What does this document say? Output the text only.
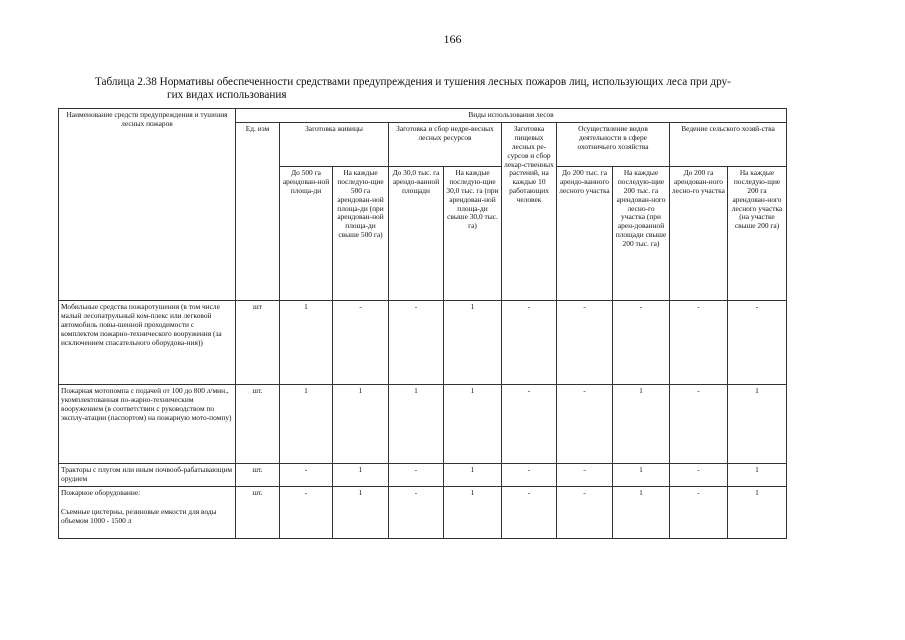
166
Таблица 2.38 Нормативы обеспеченности средствами предупреждения и тушения лесных пожаров лиц, использующих леса при дру-
гих видах использования
Наименование средств предупреждения и тушения лесных пожаров	Виды использования лесов									
	Ед. изм	Заготовка живицы		Заготовка и сбор недре-весных лесных ресурсов		Заготовка пищевых лесных ре-сурсов и сбор лекар-ственных растений, на каждые 10 работающих человек	Осуществление видов деятельности в сфере охотничьего хозяйства		Ведение сельского хозяй-ства	
		До 500 га арендован-ной площа-ди	На каждые последую-щие 500 га арендован-ной площа-ди (при арендован-ной площа-ди свыше 500 га)	До 30,0 тыс. га арендо-ванной площади	На каждые последую-щие 30,0 тыс. га (при арендован-ной площа-ди свыше 30,0 тыс. га)		До 200 тыс. га арендо-ванного лесного участка	На каждые последую-щие 200 тыс. га арендован-ного лесно-го участка (при арен-дованной площади свыше 200 тыс. га)	До 200 га арендован-ного лесно-го участка	На каждые последую-щие 200 га арендован-ного лесного участка (на участке свыше 200 га)
Мобильные средства пожаротушения (в том числе малый лесопатрульный ком-плекс или легковой автомобиль повы-шенной проходимости с комплектом пожарно-технического вооружения (за исключением спасательного оборудова-ния))	шт	1	-	-	1	-	-	-	-	-
Пожарная мотопомпа с подачей от 100 до 800 л/мин., укомплектованная по-жарно-техническим вооружением (в соответствии с руководством по эксплу-атации (паспортом) на пожарную мото-помпу)	шт.	1	1	1	1	-	-	1	-	1
Тракторы с плугом или иным почвооб-рабатывающим орудием	шт.	-	1	-	1	-	-	1	-	1

Пожарное оборудование:
Съемные цистерны, резиновые емкости для воды объемом 1000 - 1500 л	шт.	-	1	-	1	-	-	1	-	1
